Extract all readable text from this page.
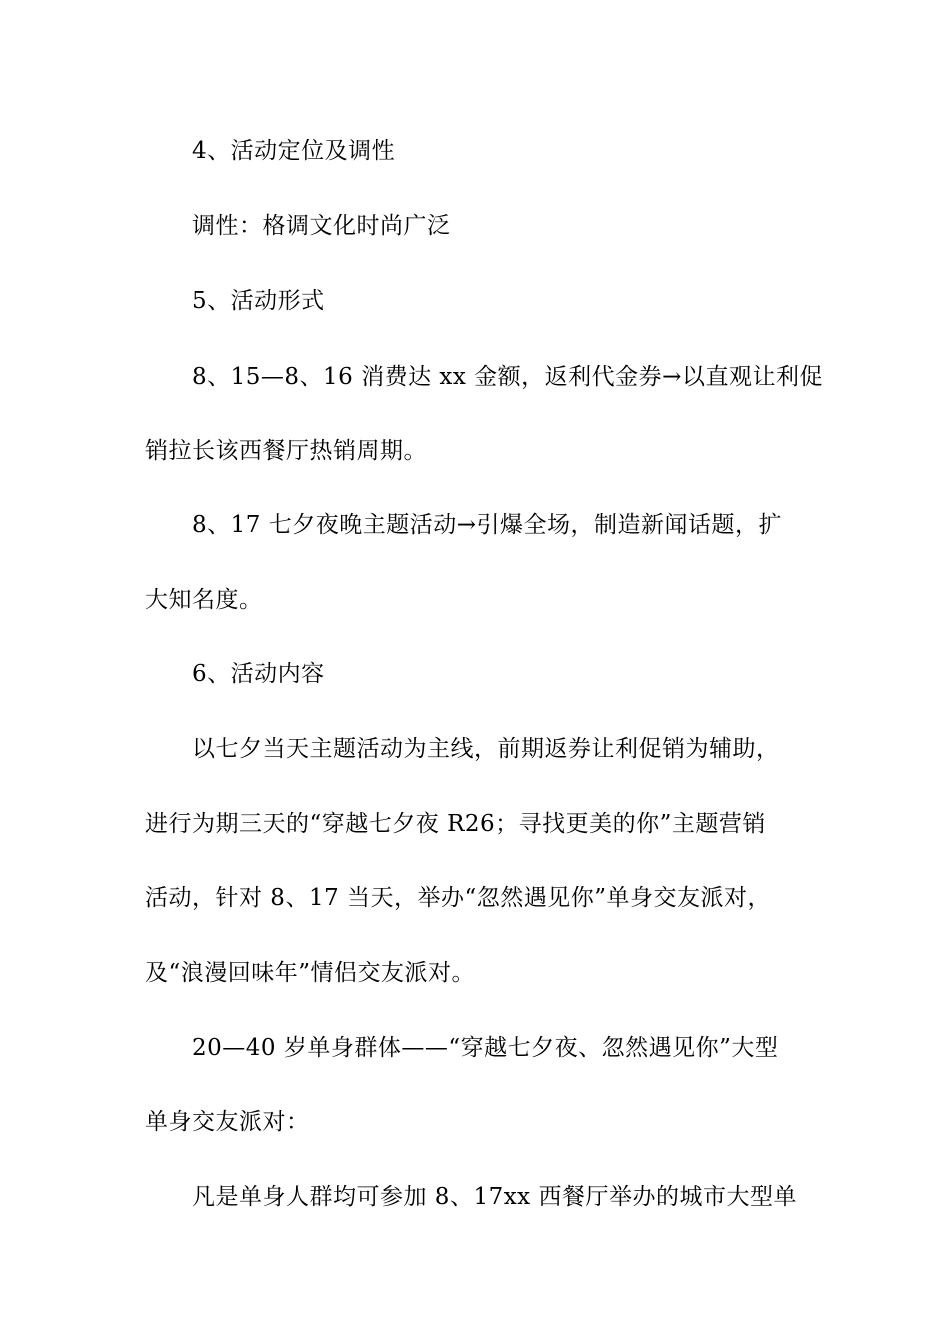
4、活动定位及调性
调性：格调文化时尚广泛
5、活动形式
8、15—8、16 消费达 xx 金额，返利代金券→以直观让利促
销拉长该西餐厅热销周期。
8、17 七夕夜晚主题活动→引爆全场，制造新闻话题，扩
大知名度。
6、活动内容
以七夕当天主题活动为主线，前期返券让利促销为辅助，
进行为期三天的“穿越七夕夜 R26；寻找更美的你”主题营销
活动，针对 8、17 当天，举办“忽然遇见你”单身交友派对，
及“浪漫回味年”情侣交友派对。
20—40 岁单身群体——“穿越七夕夜、忽然遇见你”大型
单身交友派对：
凡是单身人群均可参加 8、17xx 西餐厅举办的城市大型单
